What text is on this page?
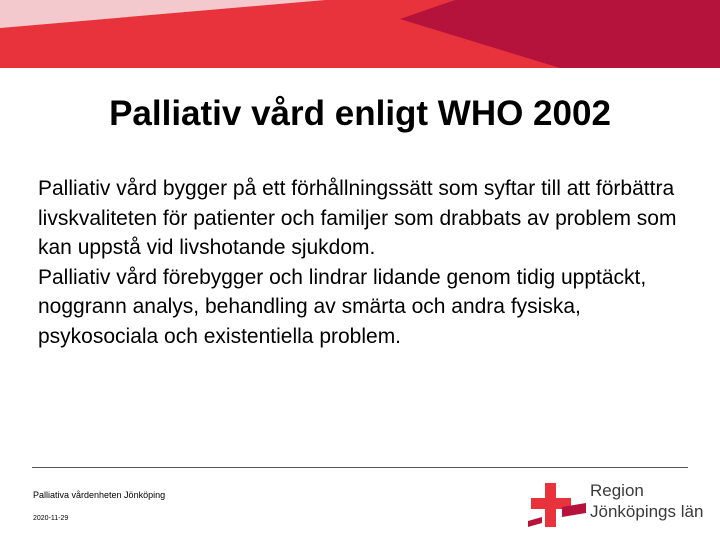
Palliativ vård enligt WHO 2002

Palliativ vård bygger på ett förhållningssätt som syftar till att förbättra livskvaliteten för patienter och familjer som drabbats av problem som kan uppstå vid livshotande sjukdom.

Palliativ vård förebygger och lindrar lidande genom tidig upptäckt, noggrann analys, behandling av smärta och andra fysiska, psykosociala och existentiella problem.

Palliativa vårdenheten Jönköping
2020-11-29
Region
Jönköpings län
